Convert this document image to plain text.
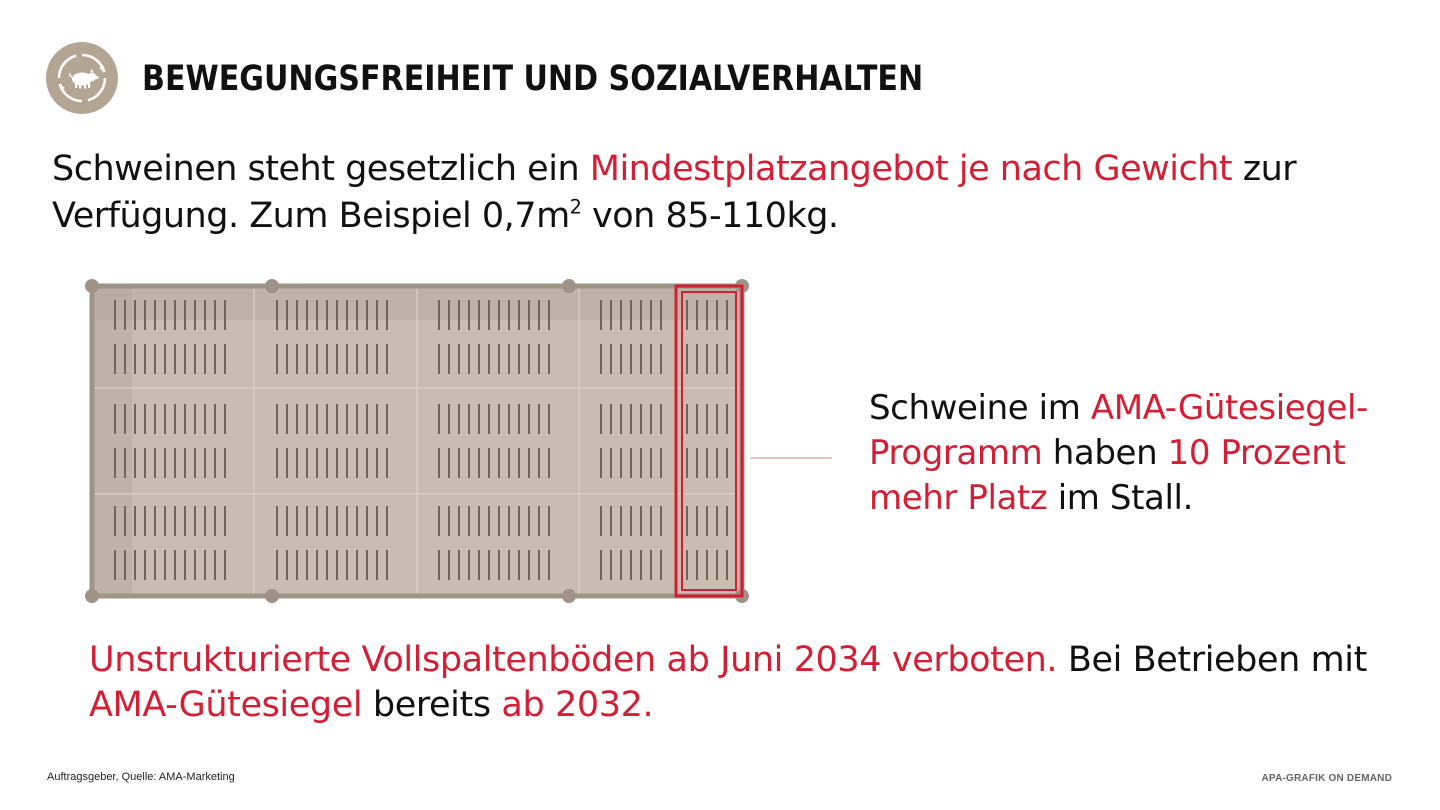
BEWEGUNGSFREIHEIT UND SOZIALVERHALTEN

Schweinen steht gesetzlich ein Mindestplatzangebot je nach Gewicht zur Verfügung. Zum Beispiel $0,7m^2$ von 85-110kg.

Schweine im AMA-Gütesiegel-Programm haben 10 Prozent mehr Platz im Stall.

Unstrukturierte Vollspaltenböden ab Juni 2034 verboten. Bei Betrieben mit AMA-Gütesiegel bereits ab 2032.

Auftragsgeber, Quelle: AMA-Marketing	APA-GRAFIK ON DEMAND
